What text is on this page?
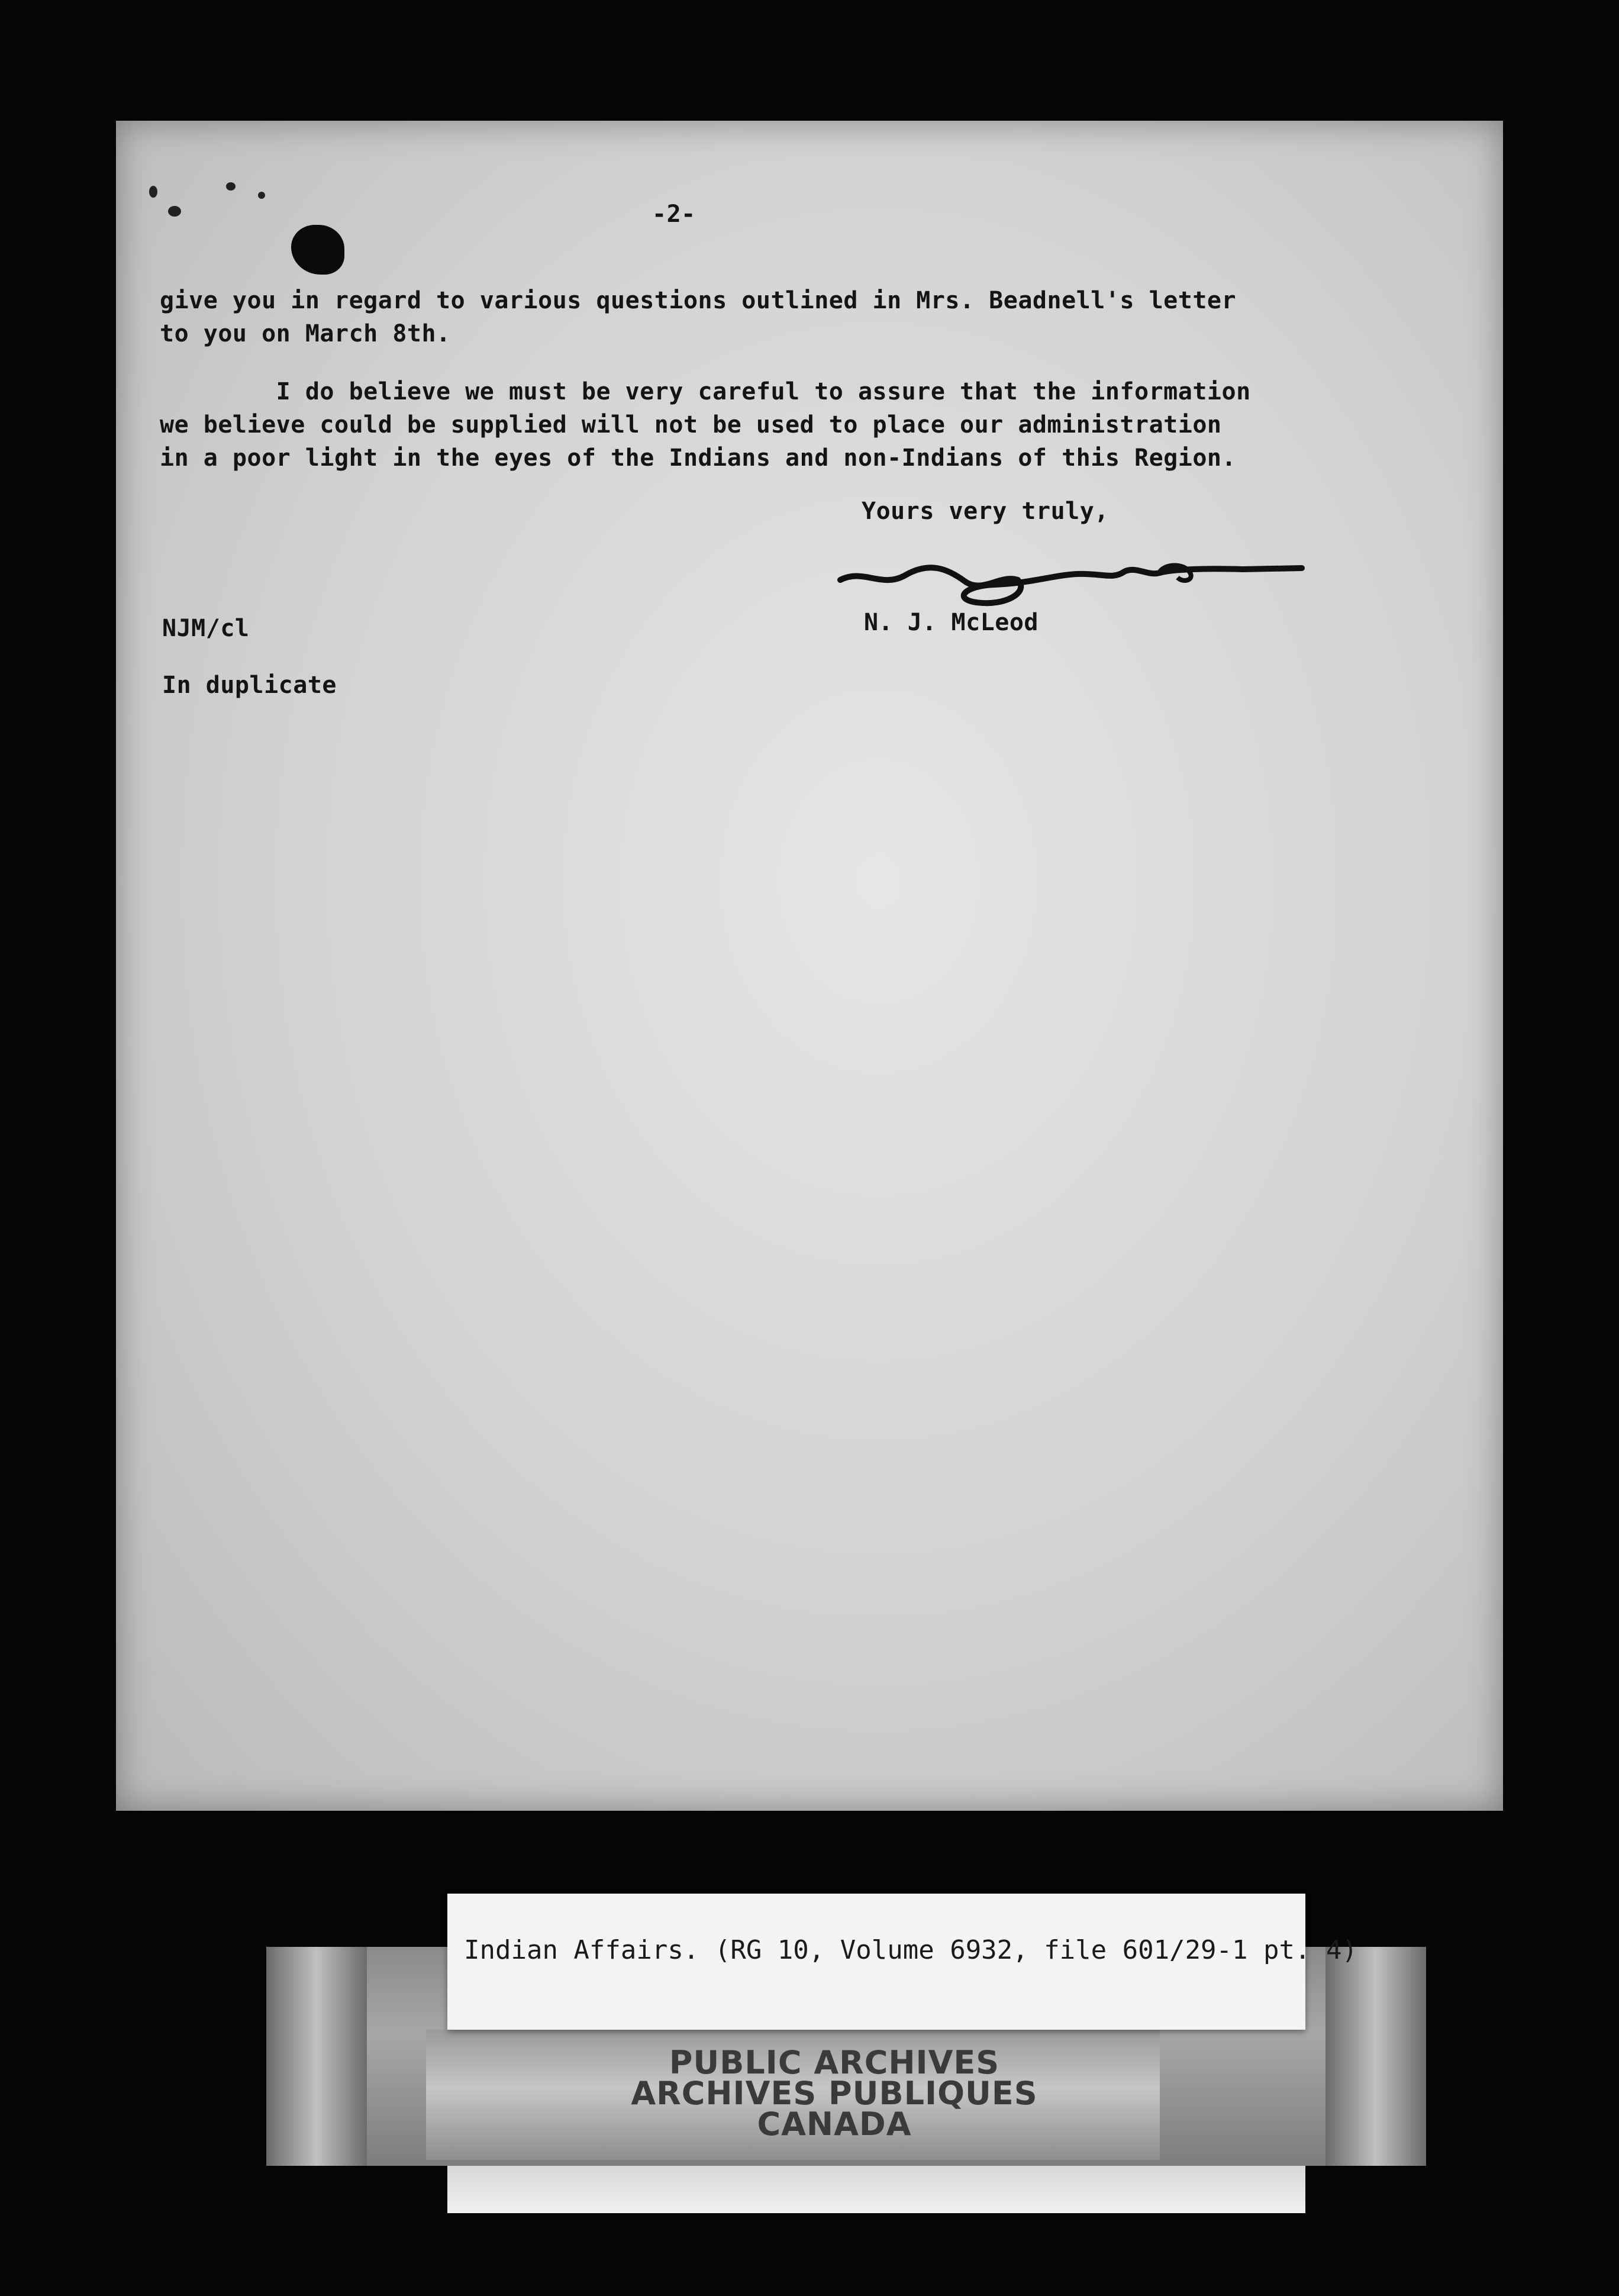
-2-
give you in regard to various questions outlined in Mrs. Beadnell's letter
to you on March 8th.
I do believe we must be very careful to assure that the information
we believe could be supplied will not be used to place our administration
in a poor light in the eyes of the Indians and non-Indians of this Region.
Yours very truly,
N. J. McLeod
NJM/cl
In duplicate
PUBLIC ARCHIVES
ARCHIVES PUBLIQUES
CANADA
Indian Affairs. (RG 10, Volume 6932, file 601/29-1 pt. 4)
